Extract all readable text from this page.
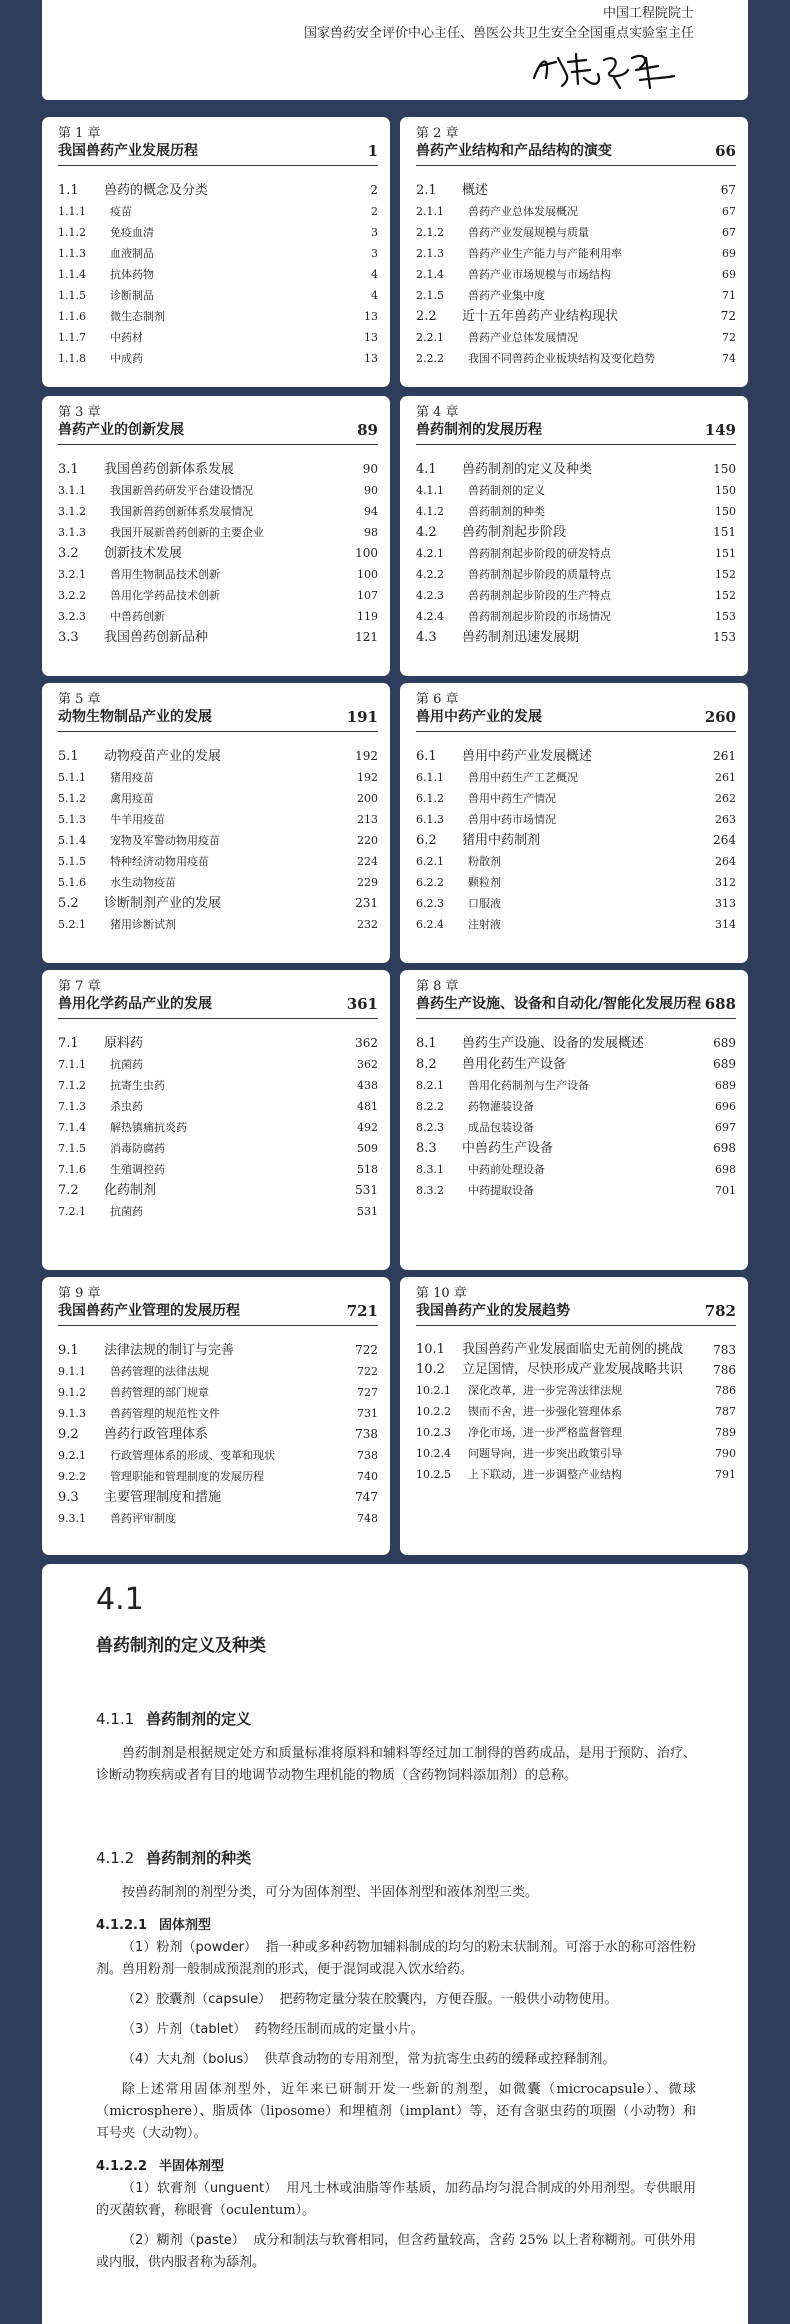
中国工程院院士
国家兽药安全评价中心主任、兽医公共卫生安全全国重点实验室主任
第 1 章
我国兽药产业发展历程	1
1.1	兽药的概念及分类	2
1.1.1	疫苗	2
1.1.2	免疫血清	3
1.1.3	血液制品	3
1.1.4	抗体药物	4
1.1.5	诊断制品	4
1.1.6	微生态制剂	13
1.1.7	中药材	13
1.1.8	中成药	13
第 2 章
兽药产业结构和产品结构的演变	66
2.1	概述	67
2.1.1	兽药产业总体发展概况	67
2.1.2	兽药产业发展规模与质量	67
2.1.3	兽药产业生产能力与产能利用率	69
2.1.4	兽药产业市场规模与市场结构	69
2.1.5	兽药产业集中度	71
2.2	近十五年兽药产业结构现状	72
2.2.1	兽药产业总体发展情况	72
2.2.2	我国不同兽药企业板块结构及变化趋势	74
第 3 章
兽药产业的创新发展	89
3.1	我国兽药创新体系发展	90
3.1.1	我国新兽药研发平台建设情况	90
3.1.2	我国新兽药创新体系发展情况	94
3.1.3	我国开展新兽药创新的主要企业	98
3.2	创新技术发展	100
3.2.1	兽用生物制品技术创新	100
3.2.2	兽用化学药品技术创新	107
3.2.3	中兽药创新	119
3.3	我国兽药创新品种	121
第 4 章
兽药制剂的发展历程	149
4.1	兽药制剂的定义及种类	150
4.1.1	兽药制剂的定义	150
4.1.2	兽药制剂的种类	150
4.2	兽药制剂起步阶段	151
4.2.1	兽药制剂起步阶段的研发特点	151
4.2.2	兽药制剂起步阶段的质量特点	152
4.2.3	兽药制剂起步阶段的生产特点	152
4.2.4	兽药制剂起步阶段的市场情况	153
4.3	兽药制剂迅速发展期	153
第 5 章
动物生物制品产业的发展	191
5.1	动物疫苗产业的发展	192
5.1.1	猪用疫苗	192
5.1.2	禽用疫苗	200
5.1.3	牛羊用疫苗	213
5.1.4	宠物及军警动物用疫苗	220
5.1.5	特种经济动物用疫苗	224
5.1.6	水生动物疫苗	229
5.2	诊断制剂产业的发展	231
5.2.1	猪用诊断试剂	232
第 6 章
兽用中药产业的发展	260
6.1	兽用中药产业发展概述	261
6.1.1	兽用中药生产工艺概况	261
6.1.2	兽用中药生产情况	262
6.1.3	兽用中药市场情况	263
6.2	猪用中药制剂	264
6.2.1	粉散剂	264
6.2.2	颗粒剂	312
6.2.3	口服液	313
6.2.4	注射液	314
第 7 章
兽用化学药品产业的发展	361
7.1	原料药	362
7.1.1	抗菌药	362
7.1.2	抗寄生虫药	438
7.1.3	杀虫药	481
7.1.4	解热镇痛抗炎药	492
7.1.5	消毒防腐药	509
7.1.6	生殖调控药	518
7.2	化药制剂	531
7.2.1	抗菌药	531
第 8 章
兽药生产设施、设备和自动化/智能化发展历程 688
8.1	兽药生产设施、设备的发展概述	689
8.2	兽用化药生产设备	689
8.2.1	兽用化药制剂与生产设备	689
8.2.2	药物灌装设备	696
8.2.3	成品包装设备	697
8.3	中兽药生产设备	698
8.3.1	中药前处理设备	698
8.3.2	中药提取设备	701
第 9 章
我国兽药产业管理的发展历程	721
9.1	法律法规的制订与完善	722
9.1.1	兽药管理的法律法规	722
9.1.2	兽药管理的部门规章	727
9.1.3	兽药管理的规范性文件	731
9.2	兽药行政管理体系	738
9.2.1	行政管理体系的形成、变革和现状	738
9.2.2	管理职能和管理制度的发展历程	740
9.3	主要管理制度和措施	747
9.3.1	兽药评审制度	748
第 10 章
我国兽药产业的发展趋势	782
10.1	我国兽药产业发展面临史无前例的挑战	783
10.2	立足国情，尽快形成产业发展战略共识	786
10.2.1	深化改革，进一步完善法律法规	786
10.2.2	锲而不舍，进一步强化管理体系	787
10.2.3	净化市场，进一步严格监督管理	789
10.2.4	问题导向，进一步突出政策引导	790
10.2.5	上下联动，进一步调整产业结构	791
4.1
兽药制剂的定义及种类
4.1.1 兽药制剂的定义

兽药制剂是根据规定处方和质量标准将原料和辅料等经过加工制得的兽药成品，是用于预防、治疗、诊断动物疾病或者有目的地调节动物生理机能的物质（含药物饲料添加剂）的总称。

4.1.2 兽药制剂的种类

按兽药制剂的剂型分类，可分为固体剂型、半固体剂型和液体剂型三类。

4.1.2.1 固体剂型

（1）粉剂（powder） 指一种或多种药物加辅料制成的均匀的粉末状制剂。可溶于水的称可溶性粉剂。兽用粉剂一般制成预混剂的形式，便于混饲或混入饮水给药。

（2）胶囊剂（capsule） 把药物定量分装在胶囊内，方便吞服。一般供小动物使用。

（3）片剂（tablet） 药物经压制而成的定量小片。

（4）大丸剂（bolus） 供草食动物的专用剂型，常为抗寄生虫药的缓释或控释制剂。

除上述常用固体剂型外，近年来已研制开发一些新的剂型，如微囊（microcapsule）、微球（microsphere）、脂质体（liposome）和埋植剂（implant）等，还有含驱虫药的项圈（小动物）和耳号夹（大动物）。

4.1.2.2 半固体剂型

（1）软膏剂（unguent） 用凡士林或油脂等作基质，加药品均匀混合制成的外用剂型。专供眼用的灭菌软膏，称眼膏（oculentum）。

（2）糊剂（paste） 成分和制法与软膏相同，但含药量较高，含药 25% 以上者称糊剂。可供外用或内服，供内服者称为舔剂。
